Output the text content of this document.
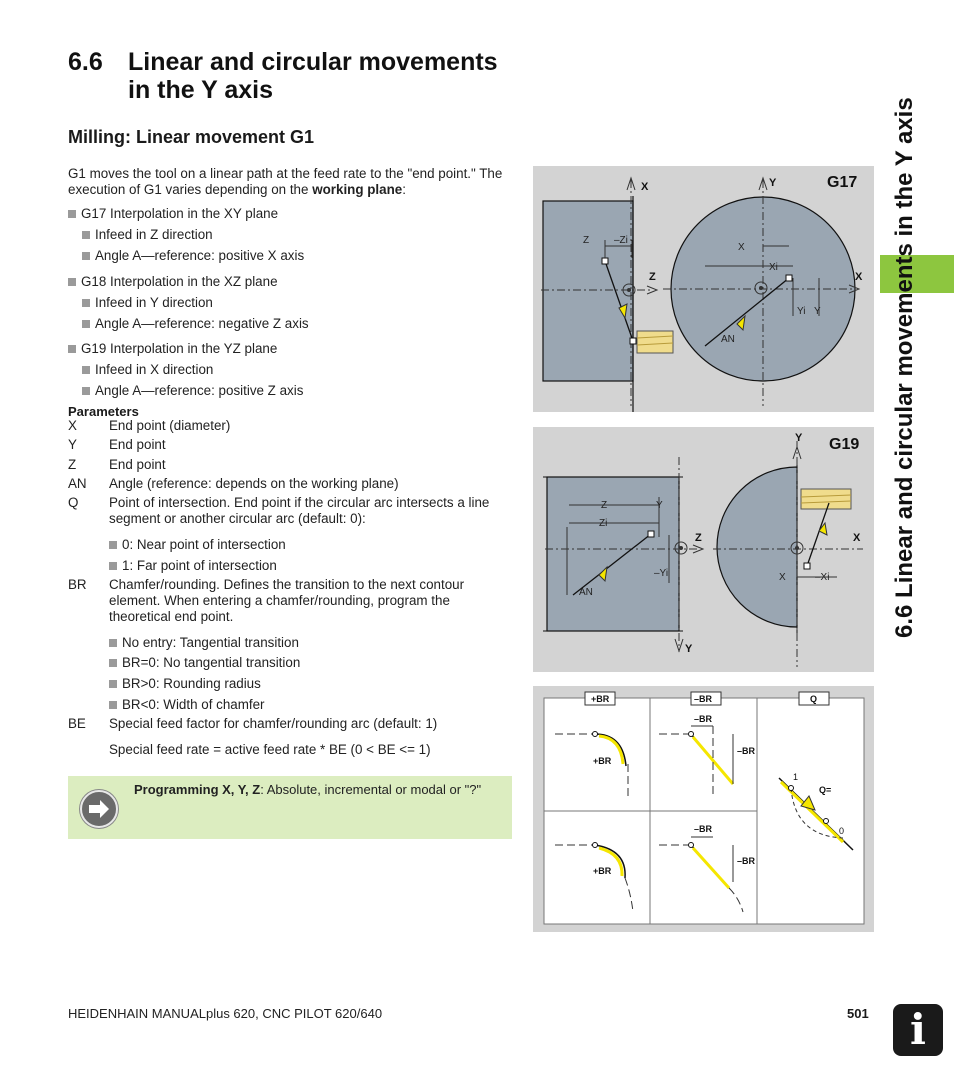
6.6 Linear and circular movements in the Y axis
6.6 Linear and circular movements
in the Y axis
Milling: Linear movement G1
G1 moves the tool on a linear path at the feed rate to the "end point." The execution of G1 varies depending on the working plane:
G17 Interpolation in the XY plane
Infeed in Z direction
Angle A—reference: positive X axis
G18 Interpolation in the XZ plane
Infeed in Y direction
Angle A—reference: negative Z axis
G19 Interpolation in the YZ plane
Infeed in X direction
Angle A—reference: positive Z axis
Parameters
X End point (diameter)
Y End point
Z End point
AN Angle (reference: depends on the working plane)
Q Point of intersection. End point if the circular arc intersects a line segment or another circular arc (default: 0):
0: Near point of intersection
1: Far point of intersection
BR Chamfer/rounding. Defines the transition to the next contour element. When entering a chamfer/rounding, program the theoretical end point.
No entry: Tangential transition
BR=0: No tangential transition
BR>0: Rounding radius
BR<0: Width of chamfer
BE Special feed factor for chamfer/rounding arc (default: 1)
Special feed rate = active feed rate * BE (0 < BE <= 1)
Programming X, Y, Z: Absolute, incremental or modal or "?"
Z –Zi
X
Z
Xi
X
Yi Y
AN
Y
X
G17
Z	Y
Zi
–Yi
AN
Z
Y
X	–Xi
Y
X
G19
+BR	–BR	Q
+BR
–BR
–BR
+BR
–BR
–BR
1
Q=
0
HEIDENHAIN MANUALplus 620, CNC PILOT 620/640	501 i
